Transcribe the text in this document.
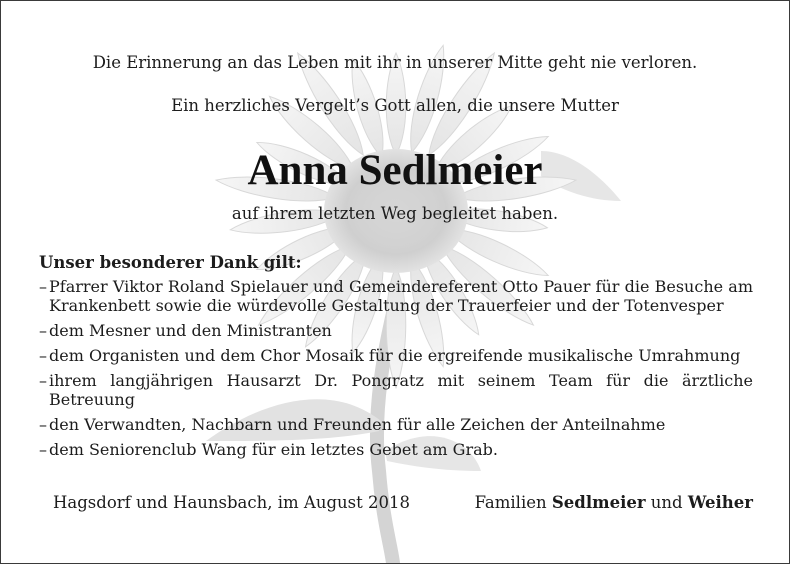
Die Erinnerung an das Leben mit ihr in unserer Mitte geht nie verloren.
Ein herzliches Vergelt’s Gott allen, die unsere Mutter
Anna Sedlmeier
auf ihrem letzten Weg begleitet haben.
Unser besonderer Dank gilt:
– Pfarrer Viktor Roland Spielauer und Gemeindereferent Otto Pauer für die Besuche am Krankenbett sowie die würdevolle Gestaltung der Trauerfeier und der Totenvesper
– dem Mesner und den Ministranten
– dem Organisten und dem Chor Mosaik für die ergreifende musikalische Umrahmung
– ihrem langjährigen Hausarzt Dr. Pongratz mit seinem Team für die ärztliche Betreuung
– den Verwandten, Nachbarn und Freunden für alle Zeichen der Anteilnahme
– dem Seniorenclub Wang für ein letztes Gebet am Grab.
Hagsdorf und Haunsbach, im August 2018	Familien Sedlmeier und Weiher
